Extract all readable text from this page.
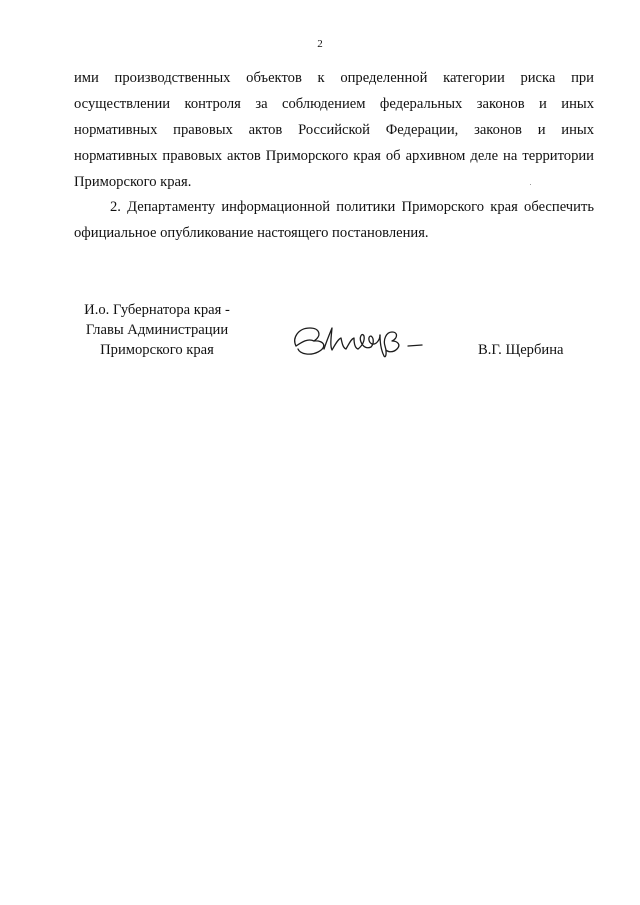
2

ими производственных объектов к определенной категории риска при осуществлении контроля за соблюдением федеральных законов и иных нормативных правовых актов Российской Федерации, законов и иных нормативных правовых актов Приморского края об архивном деле на территории Приморского края.

2. Департаменту информационной политики Приморского края обеспечить официальное опубликование настоящего постановления.

И.о. Губернатора края -
Главы Администрации
Приморского края	В.Г. Щербина
